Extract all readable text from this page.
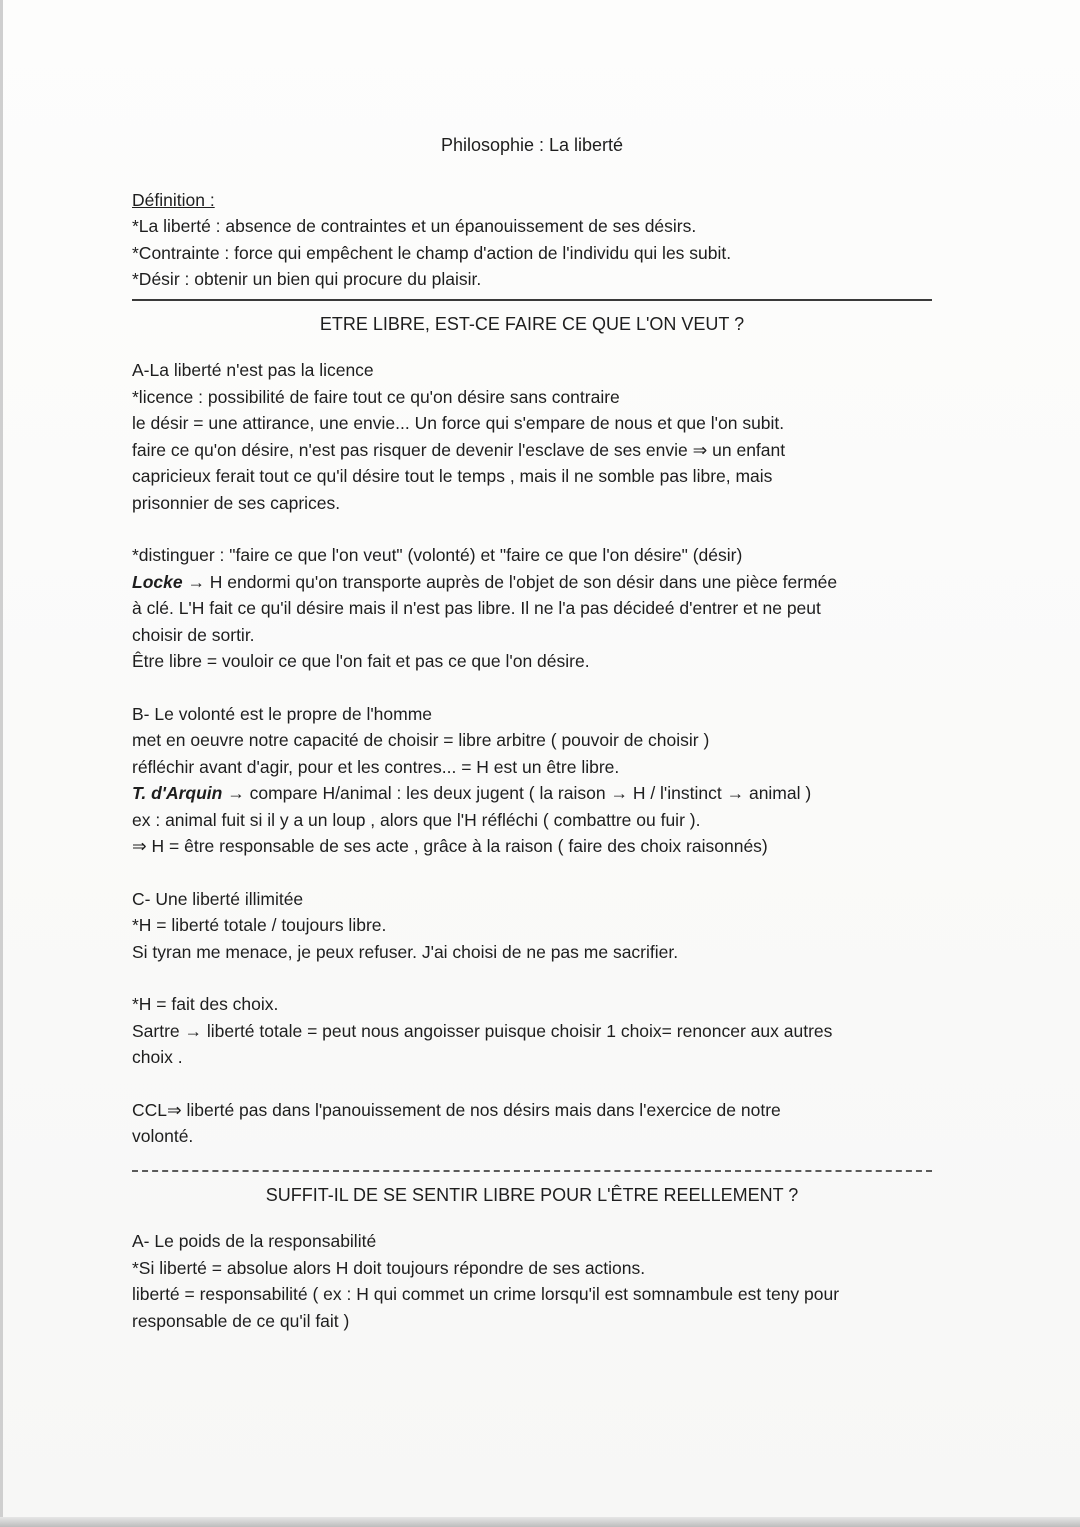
Philosophie : La liberté
Définition :
*La liberté : absence de contraintes et un épanouissement de ses désirs.
*Contrainte : force qui empêchent le champ d'action de l'individu qui les subit.
*Désir : obtenir un bien qui procure du plaisir.
ETRE LIBRE, EST-CE FAIRE CE QUE L'ON VEUT ?
A-La liberté n'est pas la licence
*licence : possibilité de faire tout ce qu'on désire sans contraire
le désir = une attirance, une envie... Un force qui s'empare de nous et que l'on subit.
faire ce qu'on désire, n'est pas risquer de devenir l'esclave de ses envie ⇒ un enfant
capricieux ferait tout ce qu'il désire tout le temps , mais il ne somble pas libre, mais
prisonnier de ses caprices.
*distinguer : "faire ce que l'on veut" (volonté) et "faire ce que l'on désire" (désir)
Locke → H endormi qu'on transporte auprès de l'objet de son désir dans une pièce fermée
à clé. L'H fait ce qu'il désire mais il n'est pas libre. Il ne l'a pas décideé d'entrer et ne peut
choisir de sortir.
Être libre = vouloir ce que l'on fait et pas ce que l'on désire.
B- Le volonté est le propre de l'homme
met en oeuvre notre capacité de choisir = libre arbitre ( pouvoir de choisir )
réfléchir avant d'agir, pour et les contres... = H est un être libre.
T. d'Arquin → compare H/animal : les deux jugent ( la raison → H / l'instinct → animal )
ex : animal fuit si il y a un loup , alors que l'H réfléchi ( combattre ou fuir ).
⇒ H = être responsable de ses acte , grâce à la raison ( faire des choix raisonnés)
C- Une liberté illimitée
*H = liberté totale / toujours libre.
Si tyran me menace, je peux refuser. J'ai choisi de ne pas me sacrifier.
*H = fait des choix.
Sartre → liberté totale = peut nous angoisser puisque choisir 1 choix= renoncer aux autres
choix .
CCL⇒ liberté pas dans l'panouissement de nos désirs mais dans l'exercice de notre
volonté.
SUFFIT-IL DE SE SENTIR LIBRE POUR L'ÊTRE REELLEMENT ?
A- Le poids de la responsabilité
*Si liberté = absolue alors H doit toujours répondre de ses actions.
liberté = responsabilité ( ex : H qui commet un crime lorsqu'il est somnambule est teny pour
responsable de ce qu'il fait )
